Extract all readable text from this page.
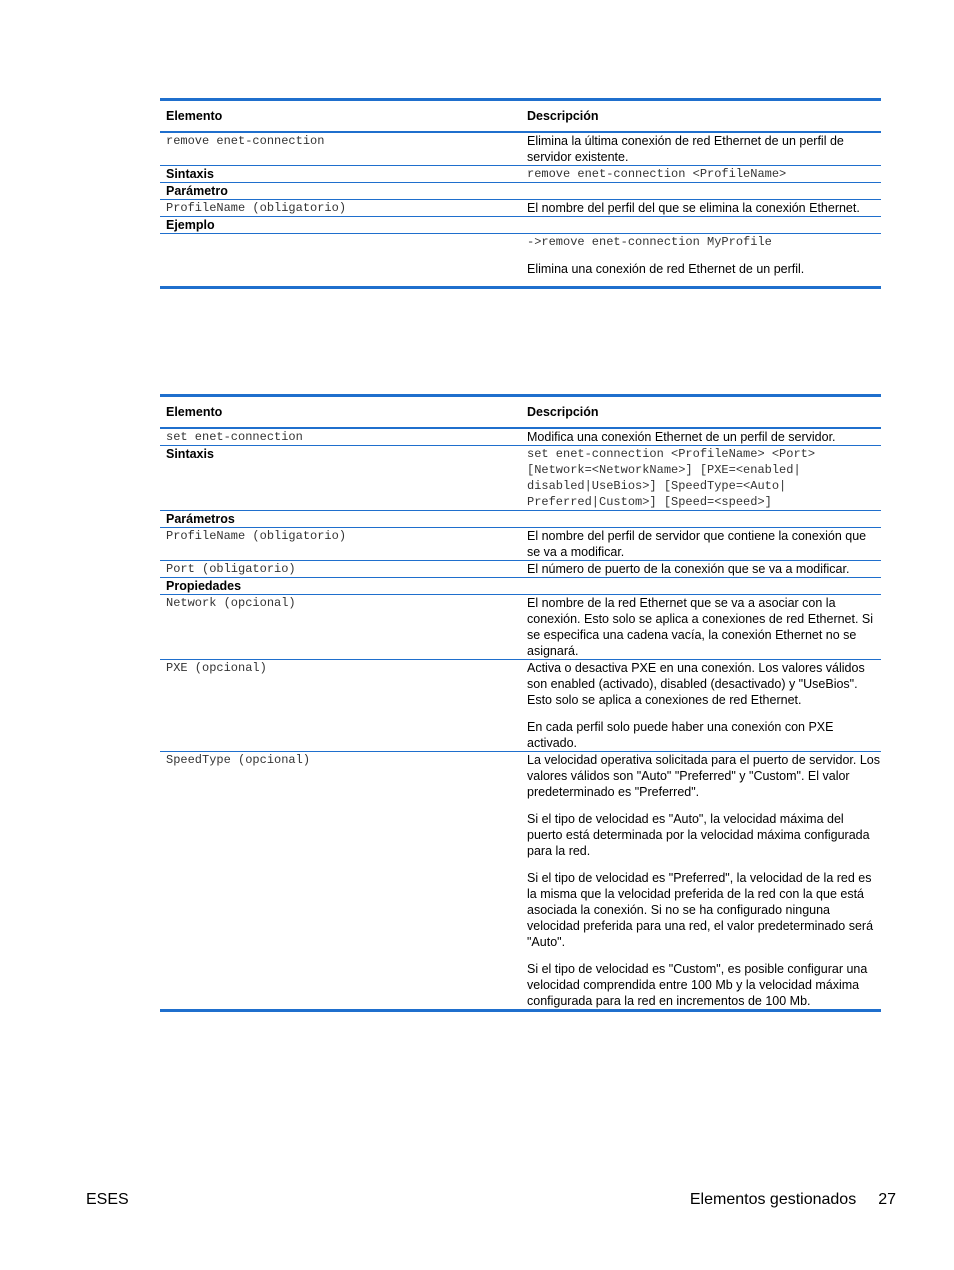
Elemento	Descripción
remove enet-connection	Elimina la última conexión de red Ethernet de un perfil de servidor existente.
Sintaxis	remove enet-connection <ProfileName>
Parámetro	
ProfileName (obligatorio)	El nombre del perfil del que se elimina la conexión Ethernet.
Ejemplo	

	->remove enet-connection MyProfile

Elimina una conexión de red Ethernet de un perfil.

Elemento	Descripción
set enet-connection	Modifica una conexión Ethernet de un perfil de servidor.
Sintaxis	set enet-connection <ProfileName> <Port>
[Network=<NetworkName>] [PXE=<enabled|
disabled|UseBios>] [SpeedType=<Auto|
Preferred|Custom>] [Speed=<speed>]

Parámetros	
ProfileName (obligatorio)	El nombre del perfil de servidor que contiene la conexión que se va a modificar.
Port (obligatorio)	El número de puerto de la conexión que se va a modificar.
Propiedades	
Network (opcional)	El nombre de la red Ethernet que se va a asociar con la conexión. Esto solo se aplica a conexiones de red Ethernet. Si se especifica una cadena vacía, la conexión Ethernet no se asignará.
PXE (opcional)	Activa o desactiva PXE en una conexión. Los valores válidos son enabled (activado), disabled (desactivado) y "UseBios". Esto solo se aplica a conexiones de red Ethernet.

En cada perfil solo puede haber una conexión con PXE activado.

SpeedType (opcional)	La velocidad operativa solicitada para el puerto de servidor. Los valores válidos son "Auto" "Preferred" y "Custom". El valor predeterminado es "Preferred".

Si el tipo de velocidad es "Auto", la velocidad máxima del puerto está determinada por la velocidad máxima configurada para la red.

Si el tipo de velocidad es "Preferred", la velocidad de la red es la misma que la velocidad preferida de la red con la que está asociada la conexión. Si no se ha configurado ninguna velocidad preferida para una red, el valor predeterminado será "Auto".

Si el tipo de velocidad es "Custom", es posible configurar una velocidad comprendida entre 100 Mb y la velocidad máxima configurada para la red en incrementos de 100 Mb.

ESES	Elementos gestionados 27
